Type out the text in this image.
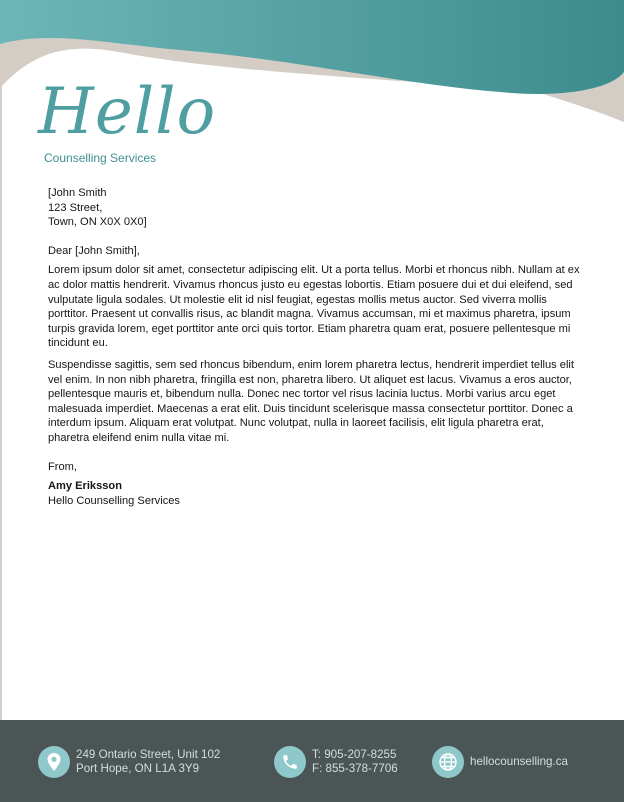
Hello
Counselling Services

[John Smith

123 Street,

Town, ON X0X 0X0]

Dear [John Smith],

Lorem ipsum dolor sit amet, consectetur adipiscing elit. Ut a porta tellus. Morbi et rhoncus nibh. Nullam at ex ac dolor mattis hendrerit. Vivamus rhoncus justo eu egestas lobortis. Etiam posuere dui et dui eleifend, sed vulputate ligula sodales. Ut molestie elit id nisl feugiat, egestas mollis metus auctor. Sed viverra mollis porttitor. Praesent ut convallis risus, ac blandit magna. Vivamus accumsan, mi et maximus pharetra, ipsum turpis gravida lorem, eget porttitor ante orci quis tortor. Etiam pharetra quam erat, posuere pellentesque mi tincidunt eu.

Suspendisse sagittis, sem sed rhoncus bibendum, enim lorem pharetra lectus, hendrerit imperdiet tellus elit vel enim. In non nibh pharetra, fringilla est non, pharetra libero. Ut aliquet est lacus. Vivamus a eros auctor, pellentesque mauris et, bibendum nulla. Donec nec tortor vel risus lacinia luctus. Morbi varius arcu eget malesuada imperdiet. Maecenas a erat elit. Duis tincidunt scelerisque massa consectetur porttitor. Donec a interdum ipsum. Aliquam erat volutpat. Nunc volutpat, nulla in laoreet facilisis, elit ligula pharetra erat, pharetra eleifend enim nulla vitae mi.

From,

Amy Eriksson

Hello Counselling Services

249 Ontario Street, Unit 102
Port Hope, ON L1A 3Y9
T: 905-207-8255
F: 855-378-7706
hellocounselling.ca
